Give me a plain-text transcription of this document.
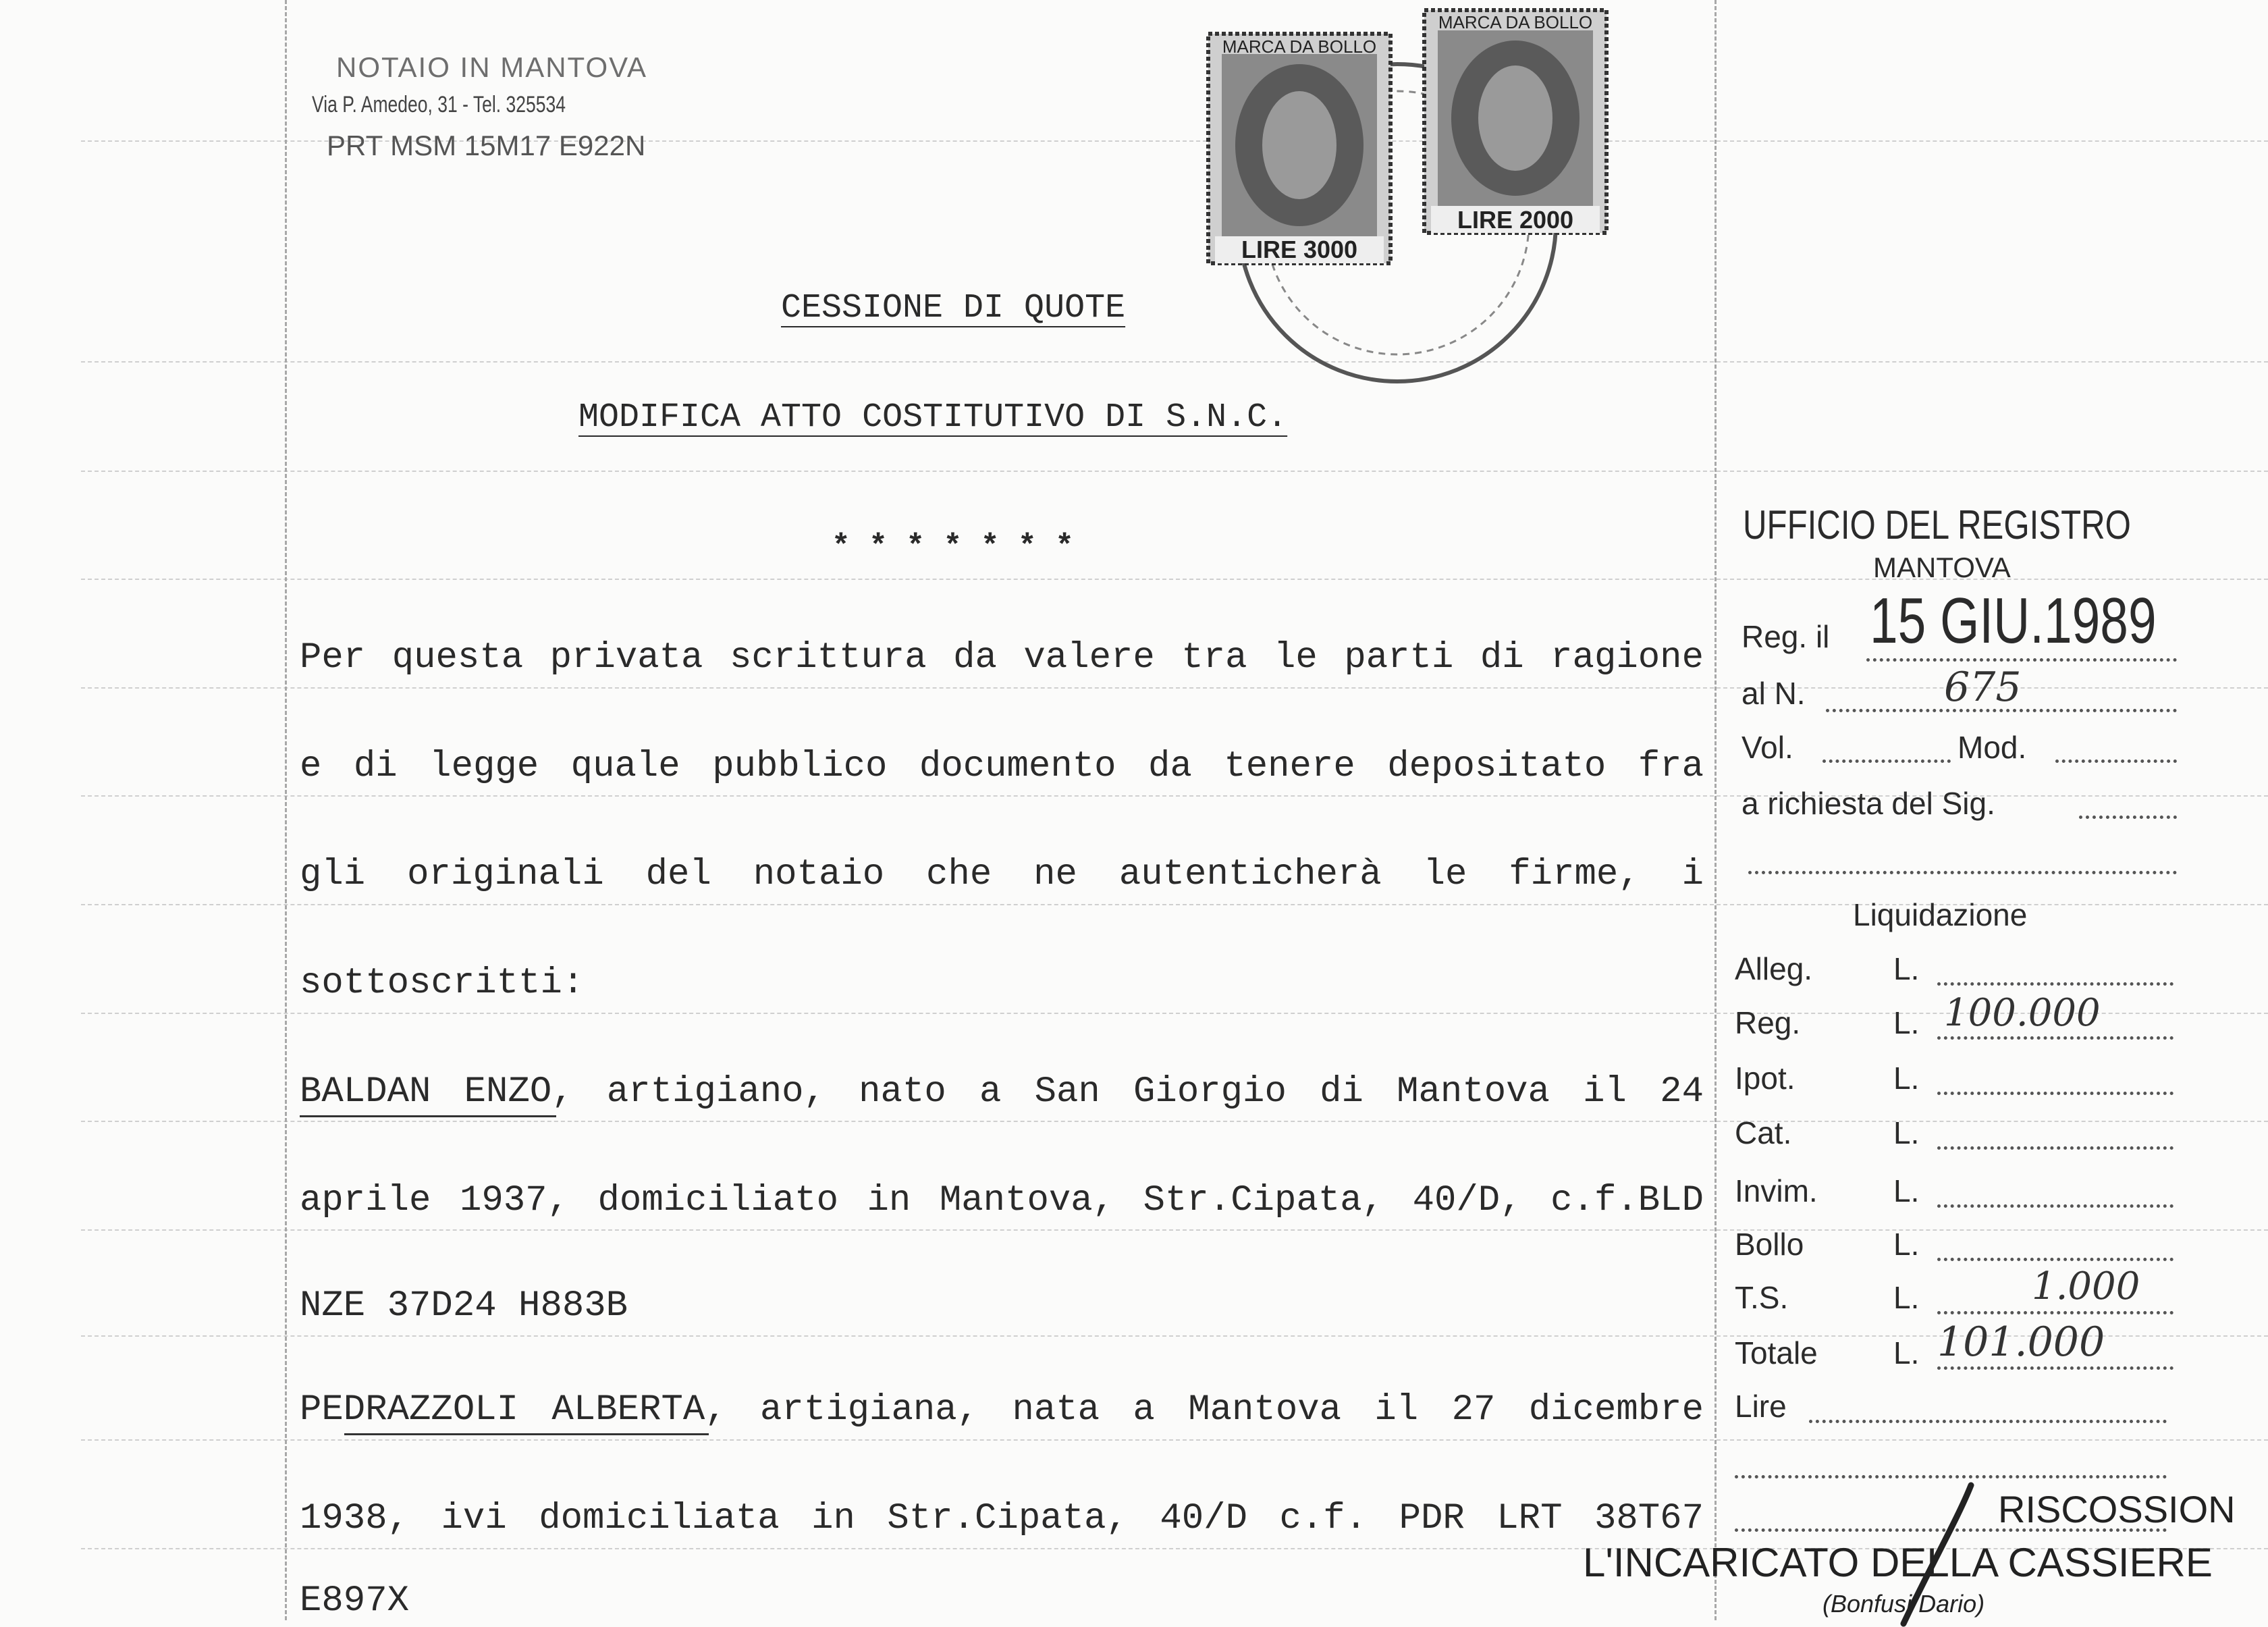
NOTAIO IN MANTOVA
Via P. Amedeo, 31 - Tel. 325534
PRT MSM 15M17 E922N
MARCA DA BOLLO
LIRE 3000
MARCA DA BOLLO
LIRE 2000
CESSIONE DI QUOTE
MODIFICA ATTO COSTITUTIVO DI S.N.C.
* * * * * * *
Per questa privata scrittura da valere tra le parti di ragione
e di legge quale pubblico documento da tenere depositato fra
gli originali del notaio che ne autenticherà le firme, i
sottoscritti:
BALDAN ENZO, artigiano, nato a San Giorgio di Mantova il 24
aprile 1937, domiciliato in Mantova, Str.Cipata, 40/D, c.f.BLD
NZE 37D24 H883B
PEDRAZZOLI ALBERTA, artigiana, nata a Mantova il 27 dicembre
1938, ivi domiciliata in Str.Cipata, 40/D c.f. PDR LRT 38T67
E897X
UFFICIO DEL REGISTRO
MANTOVA
Reg. il 15 GIU.1989
al N.	675
Vol.	Mod.
a richiesta del Sig.
Liquidazione
Alleg.	L.
Reg.	L. 100.000
Ipot.	L.
Cat.	L.
Invim. L.
Bollo	L.
T.S.	L.	1.000
Totale L. 101.000
Lire
RISCOSSION
L'INCARICATO DELLA CASSIERE
(Bonfusi Dario)
